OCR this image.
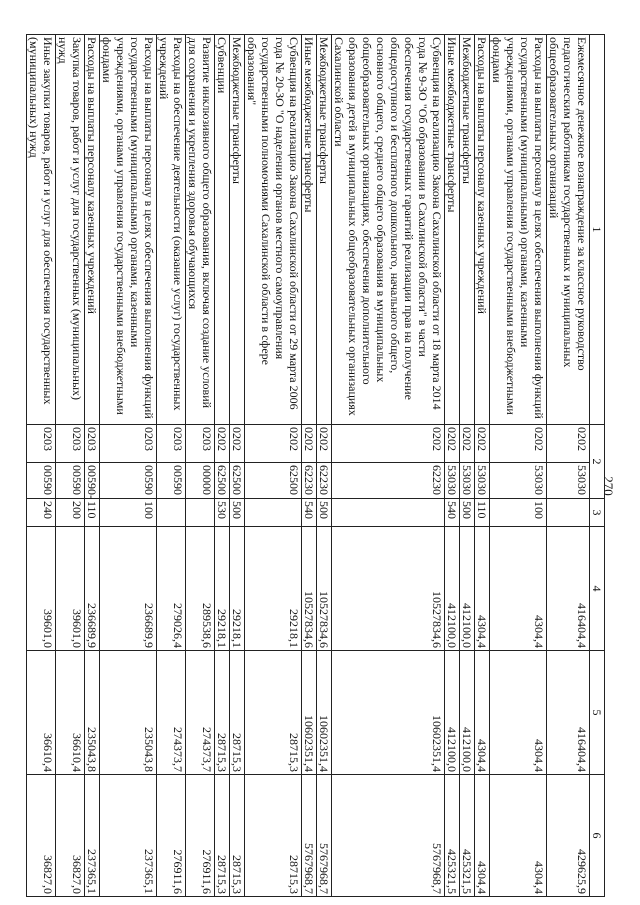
270
1	2		3	4	5	6
Ежемесячное денежное вознаграждение за классное руководство педагогическим работникам государственных и муниципальных общеобразовательных организаций	0202	53030		416404,4	416404,4	429625,9
Расходы на выплаты персоналу в целях обеспечения выполнения функций государственными (муниципальными) органами, казенными учреждениями, органами управления государственными внебюджетными фондами	0202	53030	100	4304,4	4304,4	4304,4
Расходы на выплаты персоналу казенных учреждений	0202	53030	110	4304,4	4304,4	4304,4
Межбюджетные трансферты	0202	53030	500	412100,0	412100,0	425321,5
Иные межбюджетные трансферты	0202	53030	540	412100,0	412100,0	425321,5
Субвенция на реализацию Закона Сахалинской области от 18 марта 2014 года № 9-ЗО "Об образовании в Сахалинской области" в части обеспечения государственных гарантий реализации прав на получение общедоступного и бесплатного дошкольного, начального общего, основного общего, среднего общего образования в муниципальных общеобразовательных организациях, обеспечения дополнительного образования детей в муниципальных общеобразовательных организациях Сахалинской области	0202	62230		10527834,6	10602351,4	5767968,7
Межбюджетные трансферты	0202	62230	500	10527834,6	10602351,4	5767968,7
Иные межбюджетные трансферты	0202	62230	540	10527834,6	10602351,4	5767968,7
Субвенция на реализацию Закона Сахалинской области от 29 марта 2006 года № 20-ЗО "О наделении органов местного самоуправления государственными полномочиями Сахалинской области в сфере образования"	0202	62500		29218,1	28715,3	28715,3
Межбюджетные трансферты	0202	62500	500	29218,1	28715,3	28715,3
Субвенции	0202	62500	530	29218,1	28715,3	28715,3
Развитие инклюзивного общего образования, включая создание условий для сохранения и укрепления здоровья обучающихся	0203	00000		289538,6	274373,7	276911,6
Расходы на обеспечение деятельности (оказание услуг) государственных учреждений	0203	00590		279026,4	274373,7	276911,6
Расходы на выплаты персоналу в целях обеспечения выполнения функций государственными (муниципальными) органами, казенными учреждениями, органами управления государственными внебюджетными фондами	0203	00590	100	236689,9	235043,8	237365,1
Расходы на выплаты персоналу казенных учреждений	0203	00590-	110	236689,9	235043,8	237365,1
Закупка товаров, работ и услуг для государственных (муниципальных) нужд	0203	00590	200	39601,0	36610,4	36827,0
Иные закупки товаров, работ и услуг для обеспечения государственных (муниципальных) нужд	0203	00590	240	39601,0	36610,4	36827,0
